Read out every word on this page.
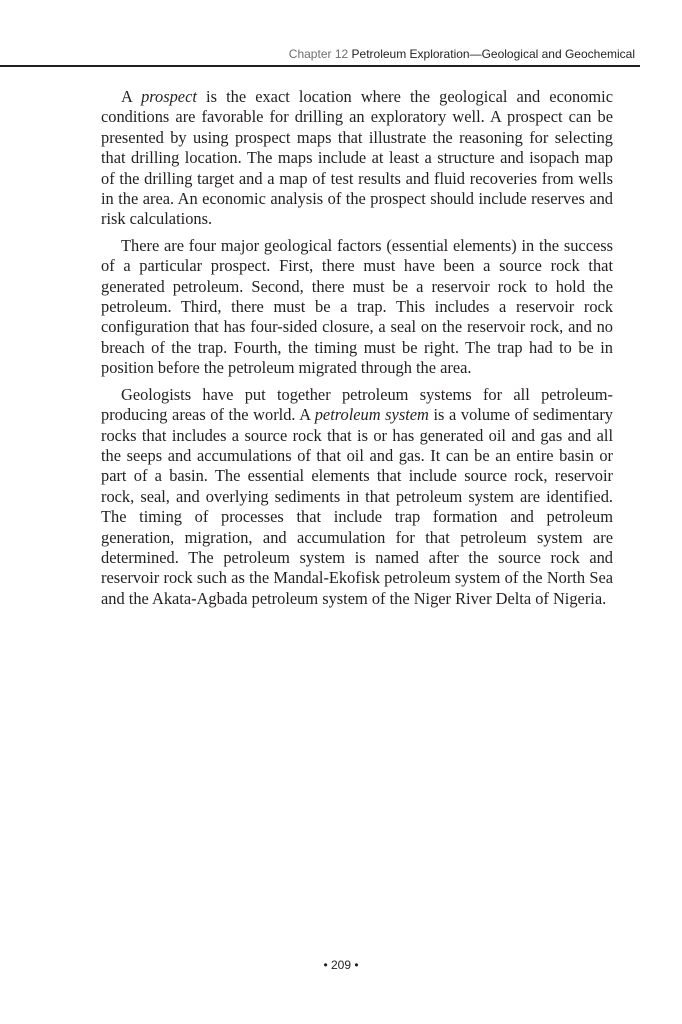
Chapter 12 Petroleum Exploration—Geological and Geochemical

A prospect is the exact location where the geological and economic conditions are favorable for drilling an exploratory well. A prospect can be presented by using prospect maps that illustrate the reasoning for selecting that drilling location. The maps include at least a structure and isopach map of the drilling target and a map of test results and fluid recoveries from wells in the area. An economic analysis of the prospect should include reserves and risk calculations.

There are four major geological factors (essential elements) in the success of a particular prospect. First, there must have been a source rock that generated petroleum. Second, there must be a reservoir rock to hold the petroleum. Third, there must be a trap. This includes a reservoir rock configuration that has four-sided closure, a seal on the reservoir rock, and no breach of the trap. Fourth, the timing must be right. The trap had to be in position before the petroleum migrated through the area.

Geologists have put together petroleum systems for all petroleum-producing areas of the world. A petroleum system is a volume of sedimentary rocks that includes a source rock that is or has generated oil and gas and all the seeps and accumulations of that oil and gas. It can be an entire basin or part of a basin. The essential elements that include source rock, reservoir rock, seal, and overlying sediments in that petroleum system are identified. The timing of processes that include trap formation and petroleum generation, migration, and accumulation for that petroleum system are determined. The petroleum system is named after the source rock and reservoir rock such as the Mandal-Ekofisk petroleum system of the North Sea and the Akata-Agbada petroleum system of the Niger River Delta of Nigeria.

• 209 •
